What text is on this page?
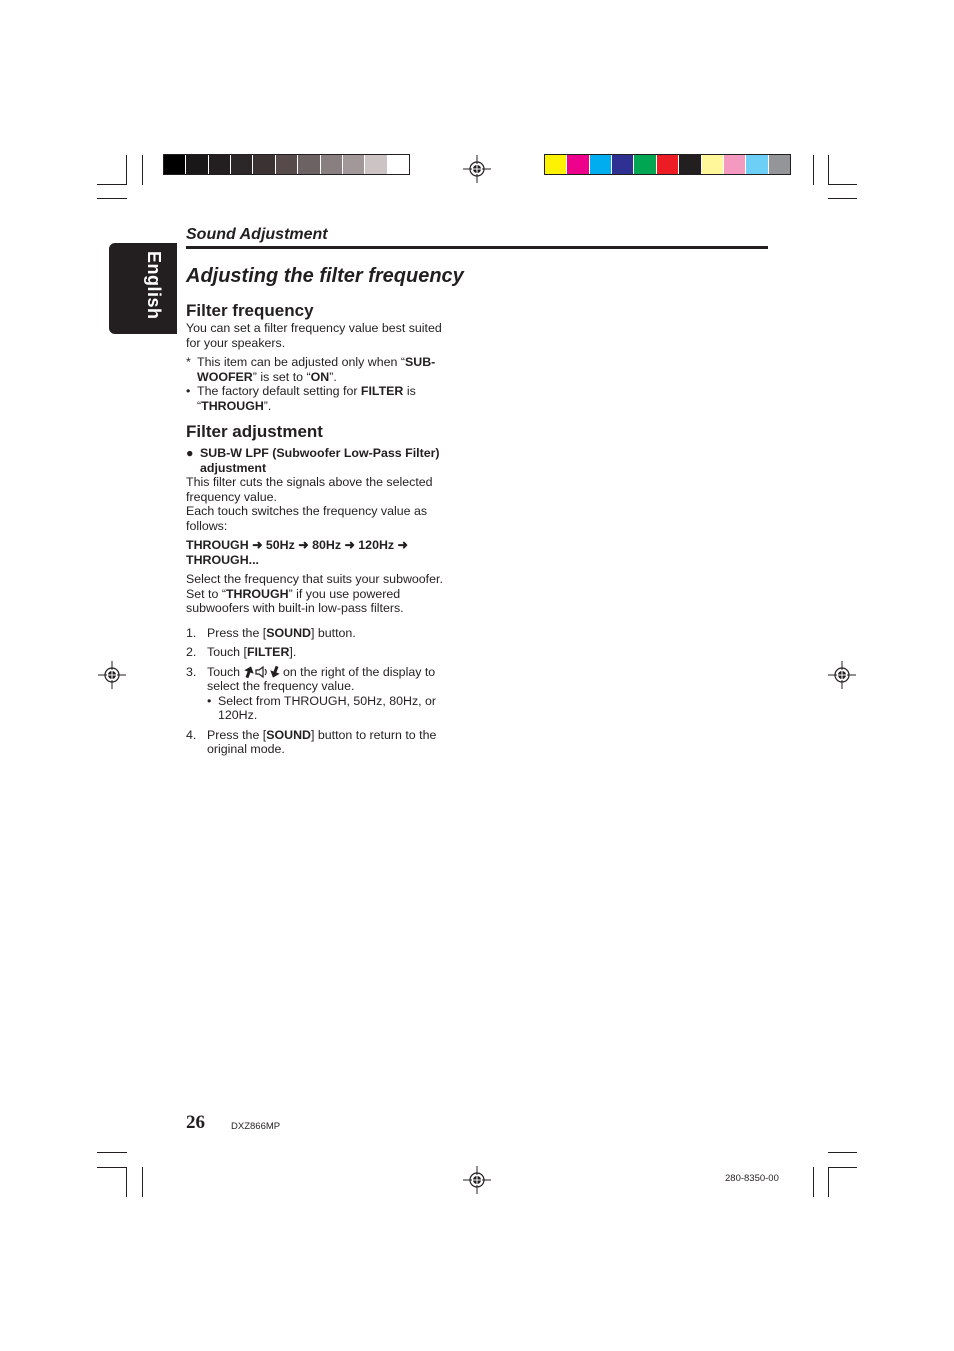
English
Sound Adjustment
Adjusting the filter frequency
Filter frequency

You can set a filter frequency value best suited for your speakers.

* This item can be adjusted only when “SUB-WOOFER” is set to “ON”.
• The factory default setting for FILTER is “THROUGH”.
Filter adjustment
● SUB-W LPF (Subwoofer Low-Pass Filter) adjustment

This filter cuts the signals above the selected frequency value.

Each touch switches the frequency value as follows:

THROUGH ➜ 50Hz ➜ 80Hz ➜ 120Hz ➜ THROUGH...

Select the frequency that suits your subwoofer.

Set to “THROUGH” if you use powered subwoofers with built-in low-pass filters.

1. Press the [SOUND] button.
2. Touch [FILTER].
3. Touch	on the right of the display to select the frequency value.
• Select from THROUGH, 50Hz, 80Hz, or 120Hz.
4. Press the [SOUND] button to return to the original mode.
26	DXZ866MP
280-8350-00
